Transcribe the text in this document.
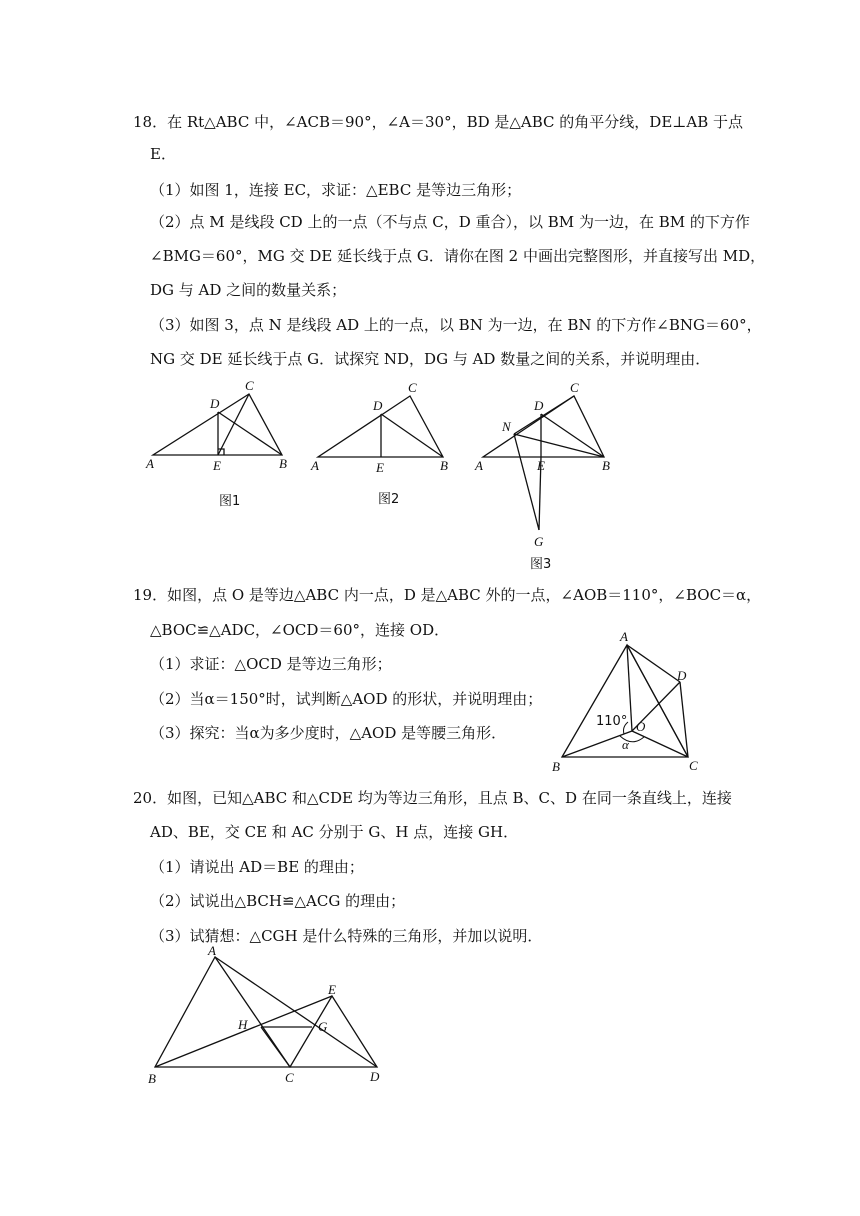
18．在 Rt△ABC 中，∠ACB＝90°，∠A＝30°，BD 是△ABC 的角平分线，DE⊥AB 于点
E．
（1）如图 1，连接 EC，求证：△EBC 是等边三角形；
（2）点 M 是线段 CD 上的一点（不与点 C，D 重合），以 BM 为一边，在 BM 的下方作
∠BMG＝60°，MG 交 DE 延长线于点 G．请你在图 2 中画出完整图形，并直接写出 MD，
DG 与 AD 之间的数量关系；
（3）如图 3，点 N 是线段 AD 上的一点，以 BN 为一边，在 BN 的下方作∠BNG＝60°，
NG 交 DE 延长线于点 G．试探究 ND，DG 与 AD 数量之间的关系，并说明理由．
C
D
A	E	B
图1
C
D
A	E	B
图2
C
D
N
A	E	B
G
图3
19．如图，点 O 是等边△ABC 内一点，D 是△ABC 外的一点，∠AOB＝110°，∠BOC＝α，
△BOC≌△ADC，∠OCD＝60°，连接 OD．
（1）求证：△OCD 是等边三角形；
（2）当α＝150°时，试判断△AOD 的形状，并说明理由；
（3）探究：当α为多少度时，△AOD 是等腰三角形．
A
D
110° O
α
B	C
20．如图，已知△ABC 和△CDE 均为等边三角形，且点 B、C、D 在同一条直线上，连接
AD、BE，交 CE 和 AC 分别于 G、H 点，连接 GH．
（1）请说出 AD＝BE 的理由；
（2）试说出△BCH≌△ACG 的理由；
（3）试猜想：△CGH 是什么特殊的三角形，并加以说明．
A
E
H	G
B	C	D
